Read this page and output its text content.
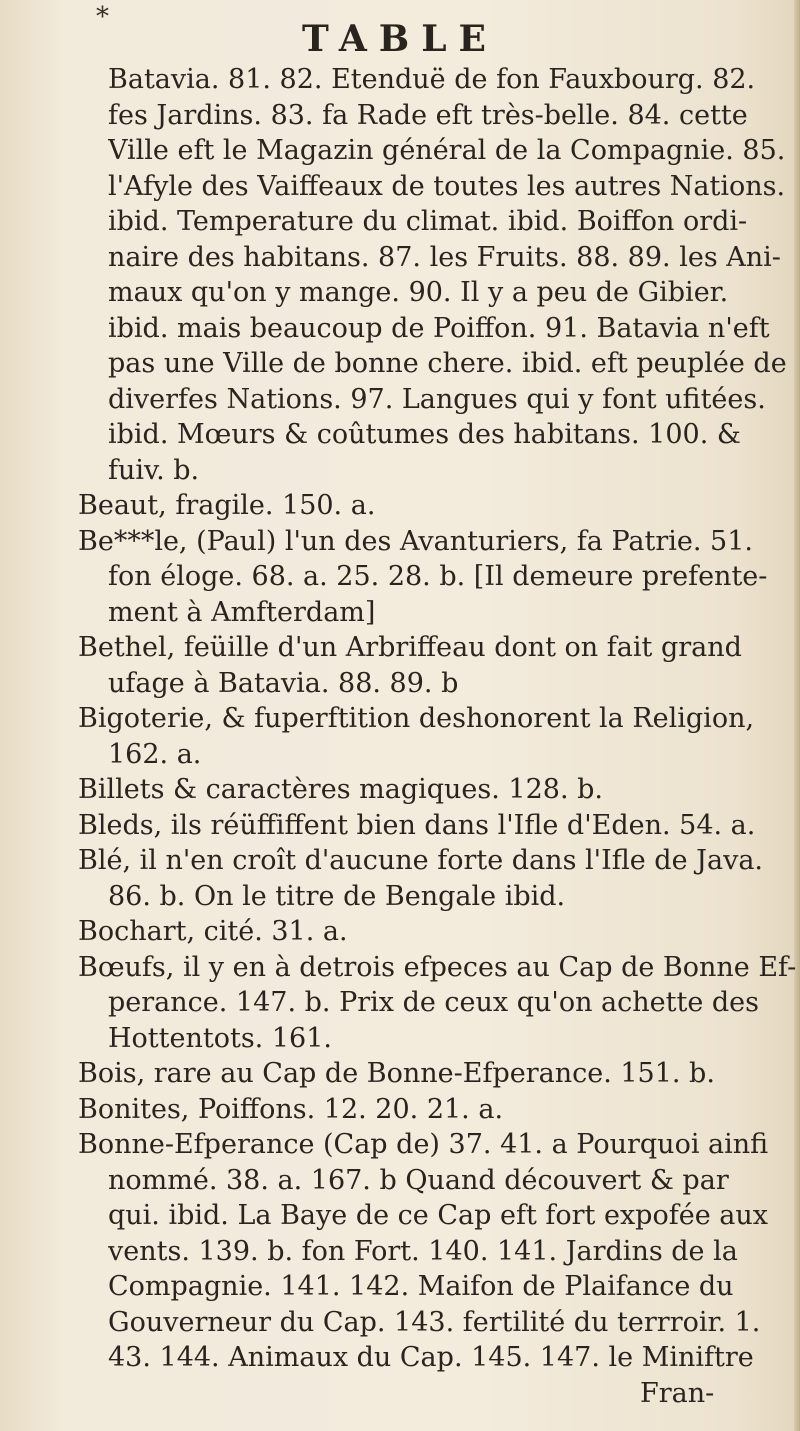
*
TABLE
Batavia. 81. 82. Etenduë de fon Fauxbourg. 82.
fes Jardins. 83. fa Rade eft très-belle. 84. cette
Ville eft le Magazin général de la Compagnie. 85.
l'Afyle des Vaiffeaux de toutes les autres Nations.
ibid. Temperature du climat. ibid. Boiffon ordi-
naire des habitans. 87. les Fruits. 88. 89. les Ani-
maux qu'on y mange. 90. Il y a peu de Gibier.
ibid. mais beaucoup de Poiffon. 91. Batavia n'eft
pas une Ville de bonne chere. ibid. eft peuplée de
diverfes Nations. 97. Langues qui y font ufitées.
ibid. Mœurs & coûtumes des habitans. 100. &
fuiv. b.
Beaut, fragile. 150. a.
Be***le, (Paul) l'un des Avanturiers, fa Patrie. 51.
fon éloge. 68. a. 25. 28. b. [Il demeure prefente-
ment à Amfterdam]
Bethel, feüille d'un Arbriffeau dont on fait grand
ufage à Batavia. 88. 89. b
Bigoterie, & fuperftition deshonorent la Religion,
162. a.
Billets & caractères magiques. 128. b.
Bleds, ils réüffiffent bien dans l'Ifle d'Eden. 54. a.
Blé, il n'en croît d'aucune forte dans l'Ifle de Java.
86. b. On le titre de Bengale ibid.
Bochart, cité. 31. a.
Bœufs, il y en à detrois efpeces au Cap de Bonne Ef-
perance. 147. b. Prix de ceux qu'on achette des
Hottentots. 161.
Bois, rare au Cap de Bonne-Efperance. 151. b.
Bonites, Poiffons. 12. 20. 21. a.
Bonne-Efperance (Cap de) 37. 41. a Pourquoi ainfi
nommé. 38. a. 167. b Quand découvert & par
qui. ibid. La Baye de ce Cap eft fort expofée aux
vents. 139. b. fon Fort. 140. 141. Jardins de la
Compagnie. 141. 142. Maifon de Plaifance du
Gouverneur du Cap. 143. fertilité du terrroir. 1.
43. 144. Animaux du Cap. 145. 147. le Miniftre
Fran-
